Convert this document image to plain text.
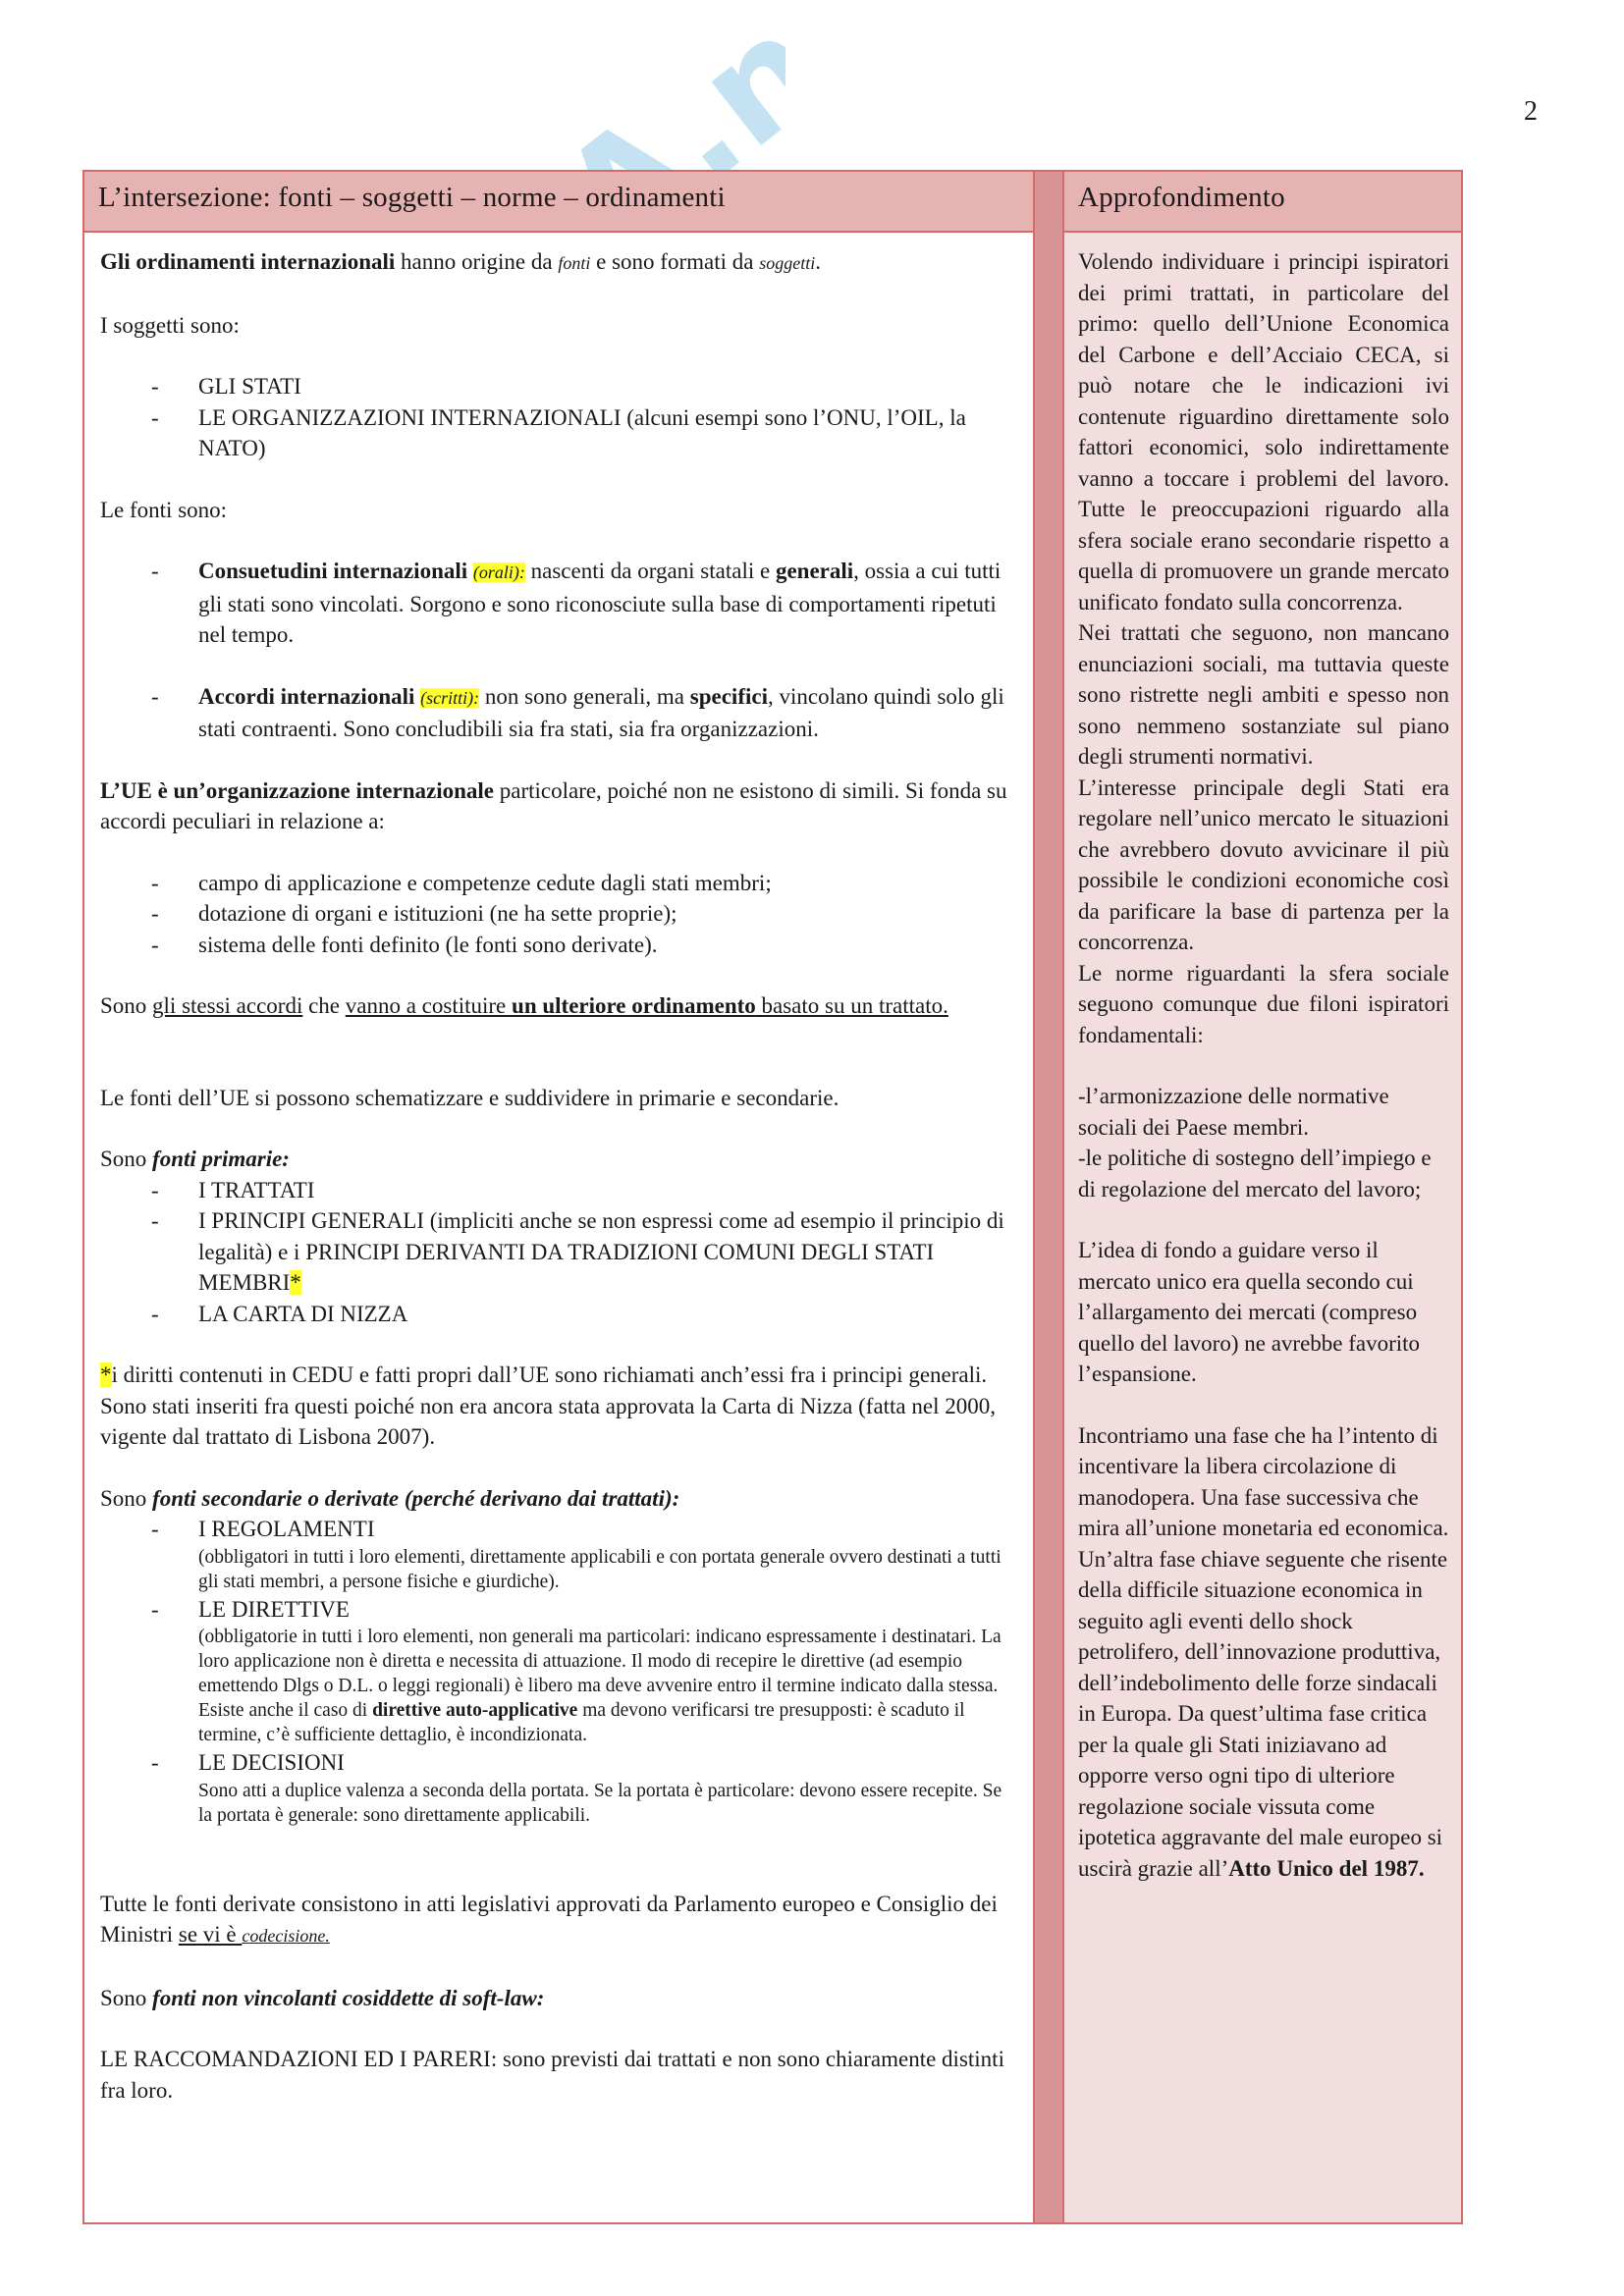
2
L’intersezione: fonti – soggetti – norme – ordinamenti

Gli ordinamenti internazionali hanno origine da fonti e sono formati da soggetti.

I soggetti sono:

- GLI STATI
- LE ORGANIZZAZIONI INTERNAZIONALI (alcuni esempi sono l’ONU, l’OIL, la NATO)

Le fonti sono:

- Consuetudini internazionali (orali): nascenti da organi statali e generali, ossia a cui tutti gli stati sono vincolati. Sorgono e sono riconosciute sulla base di comportamenti ripetuti nel tempo.
- Accordi internazionali (scritti): non sono generali, ma specifici, vincolano quindi solo gli stati contraenti. Sono concludibili sia fra stati, sia fra organizzazioni.

L’UE è un’organizzazione internazionale particolare, poiché non ne esistono di simili. Si fonda su accordi peculiari in relazione a:

- campo di applicazione e competenze cedute dagli stati membri;
- dotazione di organi e istituzioni (ne ha sette proprie);
- sistema delle fonti definito (le fonti sono derivate).

Sono gli stessi accordi che vanno a costituire un ulteriore ordinamento basato su un trattato.

Le fonti dell’UE si possono schematizzare e suddividere in primarie e secondarie.

Sono fonti primarie:

- I TRATTATI
- I PRINCIPI GENERALI (impliciti anche se non espressi come ad esempio il principio di legalità) e i PRINCIPI DERIVANTI DA TRADIZIONI COMUNI DEGLI STATI MEMBRI*
- LA CARTA DI NIZZA

*i diritti contenuti in CEDU e fatti propri dall’UE sono richiamati anch’essi fra i principi generali. Sono stati inseriti fra questi poiché non era ancora stata approvata la Carta di Nizza (fatta nel 2000, vigente dal trattato di Lisbona 2007).

Sono fonti secondarie o derivate (perché derivano dai trattati):

- I REGOLAMENTI
(obbligatori in tutti i loro elementi, direttamente applicabili e con portata generale ovvero destinati a tutti gli stati membri, a persone fisiche e giurdiche).
- LE DIRETTIVE
(obbligatorie in tutti i loro elementi, non generali ma particolari: indicano espressamente i destinatari. La loro applicazione non è diretta e necessita di attuazione. Il modo di recepire le direttive (ad esempio emettendo Dlgs o D.L. o leggi regionali) è libero ma deve avvenire entro il termine indicato dalla stessa.
Esiste anche il caso di direttive auto-applicative ma devono verificarsi tre presupposti: è scaduto il termine, c’è sufficiente dettaglio, è incondizionata.
- LE DECISIONI
Sono atti a duplice valenza a seconda della portata. Se la portata è particolare: devono essere recepite. Se la portata è generale: sono direttamente applicabili.

Tutte le fonti derivate consistono in atti legislativi approvati da Parlamento europeo e Consiglio dei Ministri se vi è codecisione.

Sono fonti non vincolanti cosiddette di soft-law:

LE RACCOMANDAZIONI ED I PARERI: sono previsti dai trattati e non sono chiaramente distinti fra loro.

Approfondimento

Volendo individuare i principi ispiratori dei primi trattati, in particolare del primo: quello dell’Unione Economica del Carbone e dell’Acciaio CECA, si può notare che le indicazioni ivi contenute riguardino direttamente solo fattori economici, solo indirettamente vanno a toccare i problemi del lavoro. Tutte le preoccupazioni riguardo alla sfera sociale erano secondarie rispetto a quella di promuovere un grande mercato unificato fondato sulla concorrenza.

Nei trattati che seguono, non mancano enunciazioni sociali, ma tuttavia queste sono ristrette negli ambiti e spesso non sono nemmeno sostanziate sul piano degli strumenti normativi.

L’interesse principale degli Stati era regolare nell’unico mercato le situazioni che avrebbero dovuto avvicinare il più possibile le condizioni economiche così da parificare la base di partenza per la concorrenza.

Le norme riguardanti la sfera sociale seguono comunque due filoni ispiratori fondamentali:

-l’armonizzazione delle normative sociali dei Paese membri.

-le politiche di sostegno dell’impiego e di regolazione del mercato del lavoro;

L’idea di fondo a guidare verso il mercato unico era quella secondo cui l’allargamento dei mercati (compreso quello del lavoro) ne avrebbe favorito l’espansione.

Incontriamo una fase che ha l’intento di incentivare la libera circolazione di manodopera. Una fase successiva che mira all’unione monetaria ed economica. Un’altra fase chiave seguente che risente della difficile situazione economica in seguito agli eventi dello shock petrolifero, dell’innovazione produttiva, dell’indebolimento delle forze sindacali in Europa. Da quest’ultima fase critica per la quale gli Stati iniziavano ad opporre verso ogni tipo di ulteriore regolazione sociale vissuta come ipotetica aggravante del male europeo si uscirà grazie all’Atto Unico del 1987.
